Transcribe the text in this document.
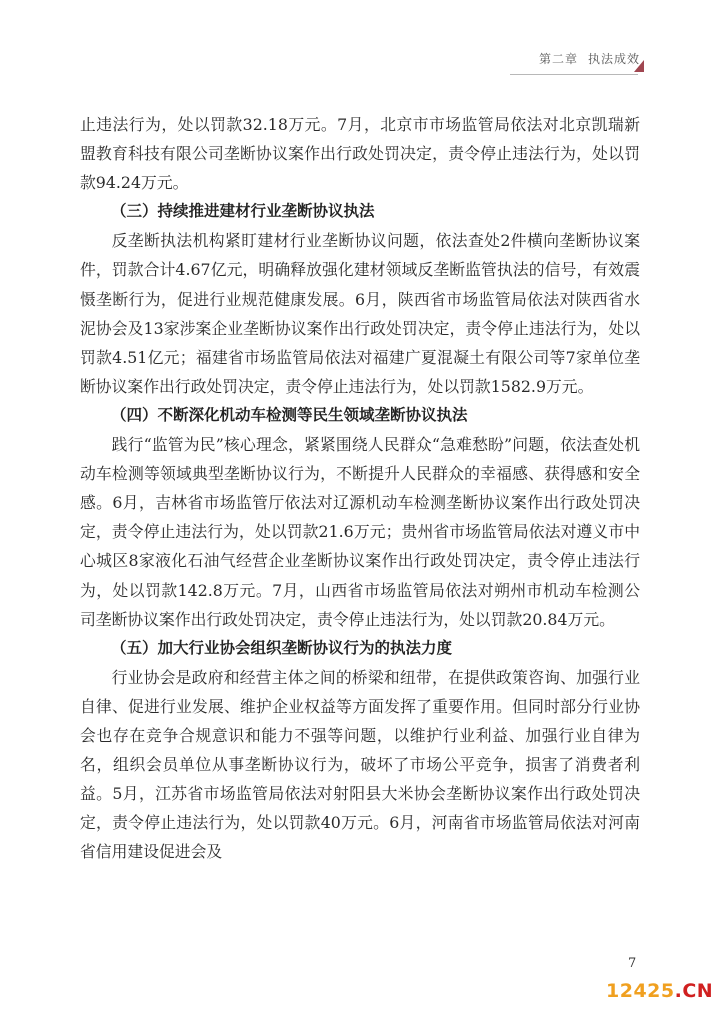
第二章 执法成效

止违法行为，处以罚款32.18万元。7月，北京市市场监管局依法对北京凯瑞新盟教育科技有限公司垄断协议案作出行政处罚决定，责令停止违法行为，处以罚款94.24万元。

（三）持续推进建材行业垄断协议执法

反垄断执法机构紧盯建材行业垄断协议问题，依法查处2件横向垄断协议案件，罚款合计4.67亿元，明确释放强化建材领域反垄断监管执法的信号，有效震慑垄断行为，促进行业规范健康发展。6月，陕西省市场监管局依法对陕西省水泥协会及13家涉案企业垄断协议案作出行政处罚决定，责令停止违法行为，处以罚款4.51亿元；福建省市场监管局依法对福建广夏混凝土有限公司等7家单位垄断协议案作出行政处罚决定，责令停止违法行为，处以罚款1582.9万元。

（四）不断深化机动车检测等民生领域垄断协议执法

践行“监管为民”核心理念，紧紧围绕人民群众“急难愁盼”问题，依法查处机动车检测等领域典型垄断协议行为，不断提升人民群众的幸福感、获得感和安全感。6月，吉林省市场监管厅依法对辽源机动车检测垄断协议案作出行政处罚决定，责令停止违法行为，处以罚款21.6万元；贵州省市场监管局依法对遵义市中心城区8家液化石油气经营企业垄断协议案作出行政处罚决定，责令停止违法行为，处以罚款142.8万元。7月，山西省市场监管局依法对朔州市机动车检测公司垄断协议案作出行政处罚决定，责令停止违法行为，处以罚款20.84万元。

（五）加大行业协会组织垄断协议行为的执法力度

行业协会是政府和经营主体之间的桥梁和纽带，在提供政策咨询、加强行业自律、促进行业发展、维护企业权益等方面发挥了重要作用。但同时部分行业协会也存在竞争合规意识和能力不强等问题，以维护行业利益、加强行业自律为名，组织会员单位从事垄断协议行为，破坏了市场公平竞争，损害了消费者利益。5月，江苏省市场监管局依法对射阳县大米协会垄断协议案作出行政处罚决定，责令停止违法行为，处以罚款40万元。6月，河南省市场监管局依法对河南省信用建设促进会及

7
12425.CN
